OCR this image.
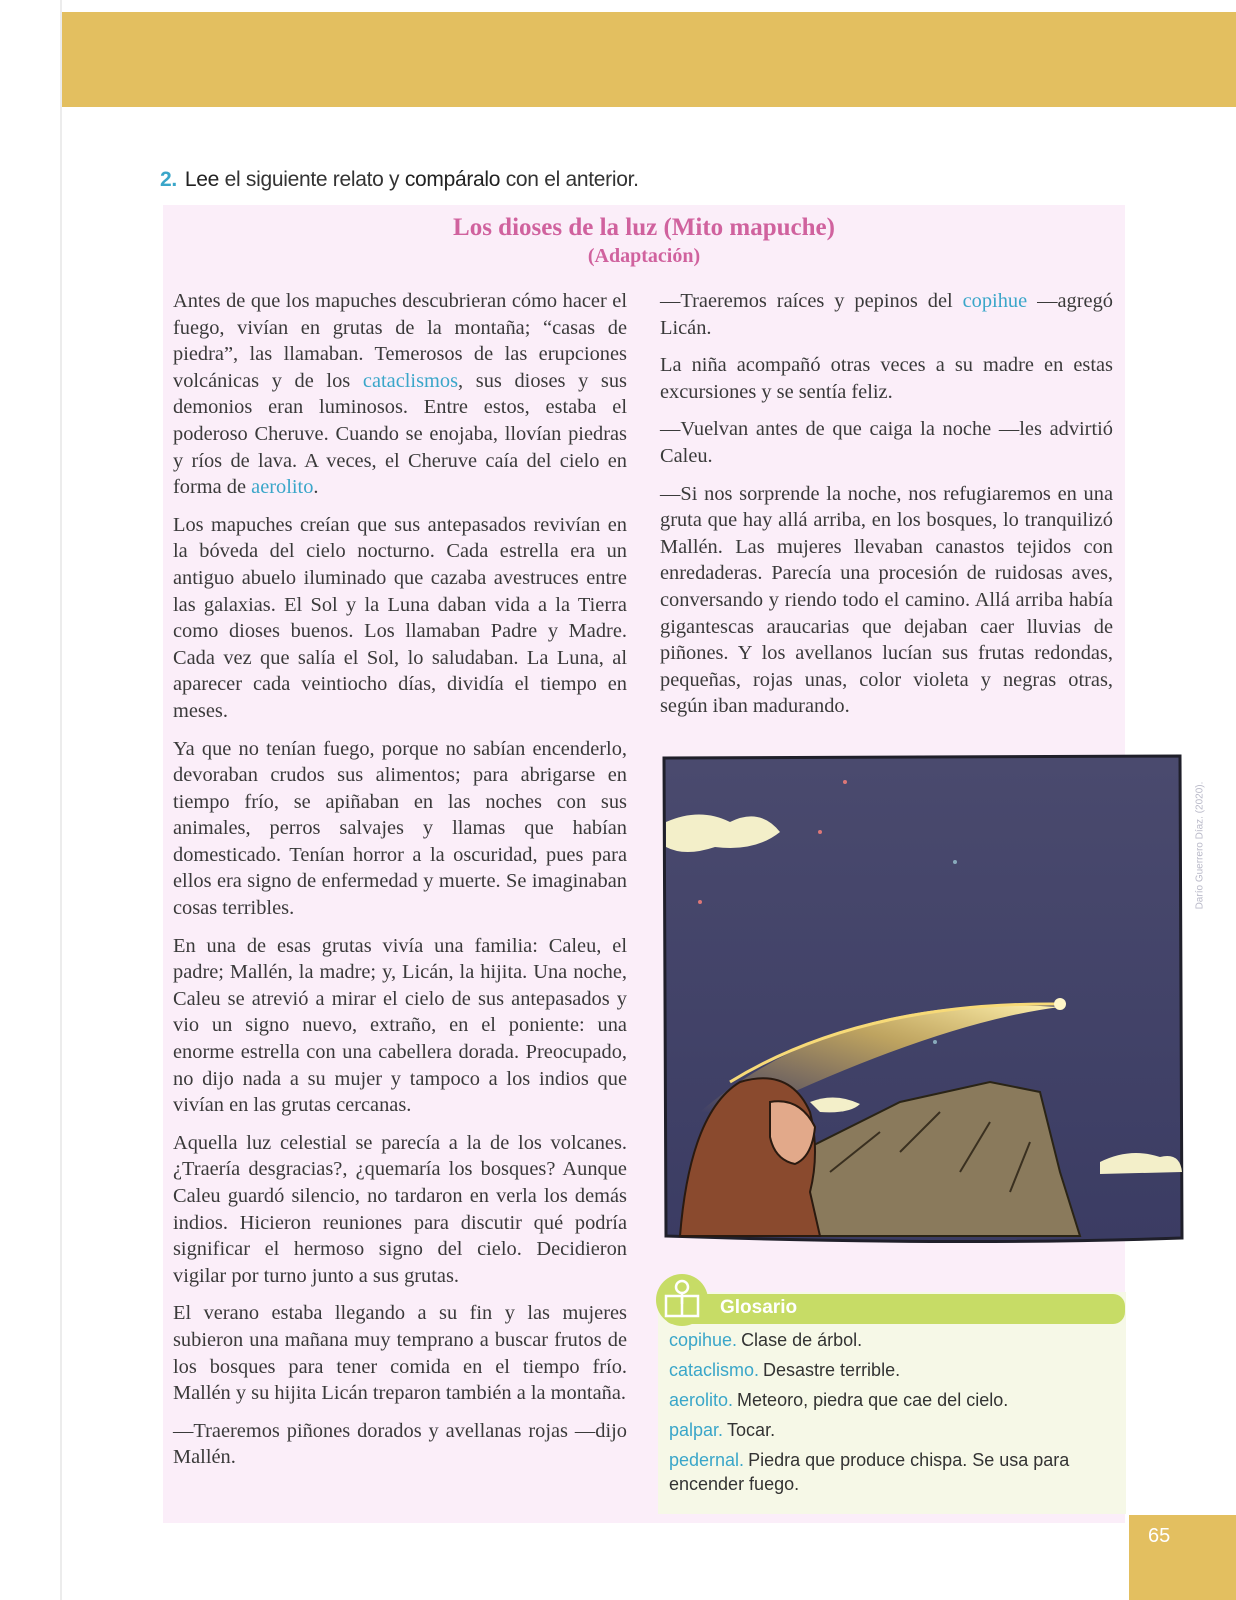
2. Lee el siguiente relato y compáralo con el anterior.
Los dioses de la luz (Mito mapuche)
(Adaptación)

Antes de que los mapuches descubrieran cómo hacer el fuego, vivían en grutas de la montaña; “casas de piedra”, las llamaban. Temerosos de las erupciones volcánicas y de los cataclismos, sus dioses y sus demonios eran luminosos. Entre estos, estaba el poderoso Cheruve. Cuando se enojaba, llovían piedras y ríos de lava. A veces, el Cheruve caía del cielo en forma de aerolito.

Los mapuches creían que sus antepasados revivían en la bóveda del cielo nocturno. Cada estrella era un antiguo abuelo iluminado que cazaba avestruces entre las galaxias. El Sol y la Luna daban vida a la Tierra como dioses buenos. Los llamaban Padre y Madre. Cada vez que salía el Sol, lo saludaban. La Luna, al aparecer cada veintiocho días, dividía el tiempo en meses.

Ya que no tenían fuego, porque no sabían encenderlo, devoraban crudos sus alimentos; para abrigarse en tiempo frío, se apiñaban en las noches con sus animales, perros salvajes y llamas que habían domesticado. Tenían horror a la oscuridad, pues para ellos era signo de enfermedad y muerte. Se imaginaban cosas terribles.

En una de esas grutas vivía una familia: Caleu, el padre; Mallén, la madre; y, Licán, la hijita. Una noche, Caleu se atrevió a mirar el cielo de sus antepasados y vio un signo nuevo, extraño, en el poniente: una enorme estrella con una cabellera dorada. Preocupado, no dijo nada a su mujer y tampoco a los indios que vivían en las grutas cercanas.

Aquella luz celestial se parecía a la de los volcanes. ¿Traería desgracias?, ¿quemaría los bosques? Aunque Caleu guardó silencio, no tardaron en verla los demás indios. Hicieron reuniones para discutir qué podría significar el hermoso signo del cielo. Decidieron vigilar por turno junto a sus grutas.

El verano estaba llegando a su fin y las mujeres subieron una mañana muy temprano a buscar frutos de los bosques para tener comida en el tiempo frío. Mallén y su hijita Licán treparon también a la montaña.

—Traeremos piñones dorados y avellanas rojas —dijo Mallén.

—Traeremos raíces y pepinos del copihue —agregó Licán.

La niña acompañó otras veces a su madre en estas excursiones y se sentía feliz.

—Vuelvan antes de que caiga la noche —les advirtió Caleu.

—Si nos sorprende la noche, nos refugiaremos en una gruta que hay allá arriba, en los bosques, lo tranquilizó Mallén. Las mujeres llevaban canastos tejidos con enredaderas. Parecía una procesión de ruidosas aves, conversando y riendo todo el camino. Allá arriba había gigantescas araucarias que dejaban caer lluvias de piñones. Y los avellanos lucían sus frutas redondas, pequeñas, rojas unas, color violeta y negras otras, según iban madurando.

Darío Guerrero Díaz. (2020).
Glosario

copihue. Clase de árbol.

cataclismo. Desastre terrible.

aerolito. Meteoro, piedra que cae del cielo.

palpar. Tocar.

pedernal. Piedra que produce chispa. Se usa para encender fuego.

65
